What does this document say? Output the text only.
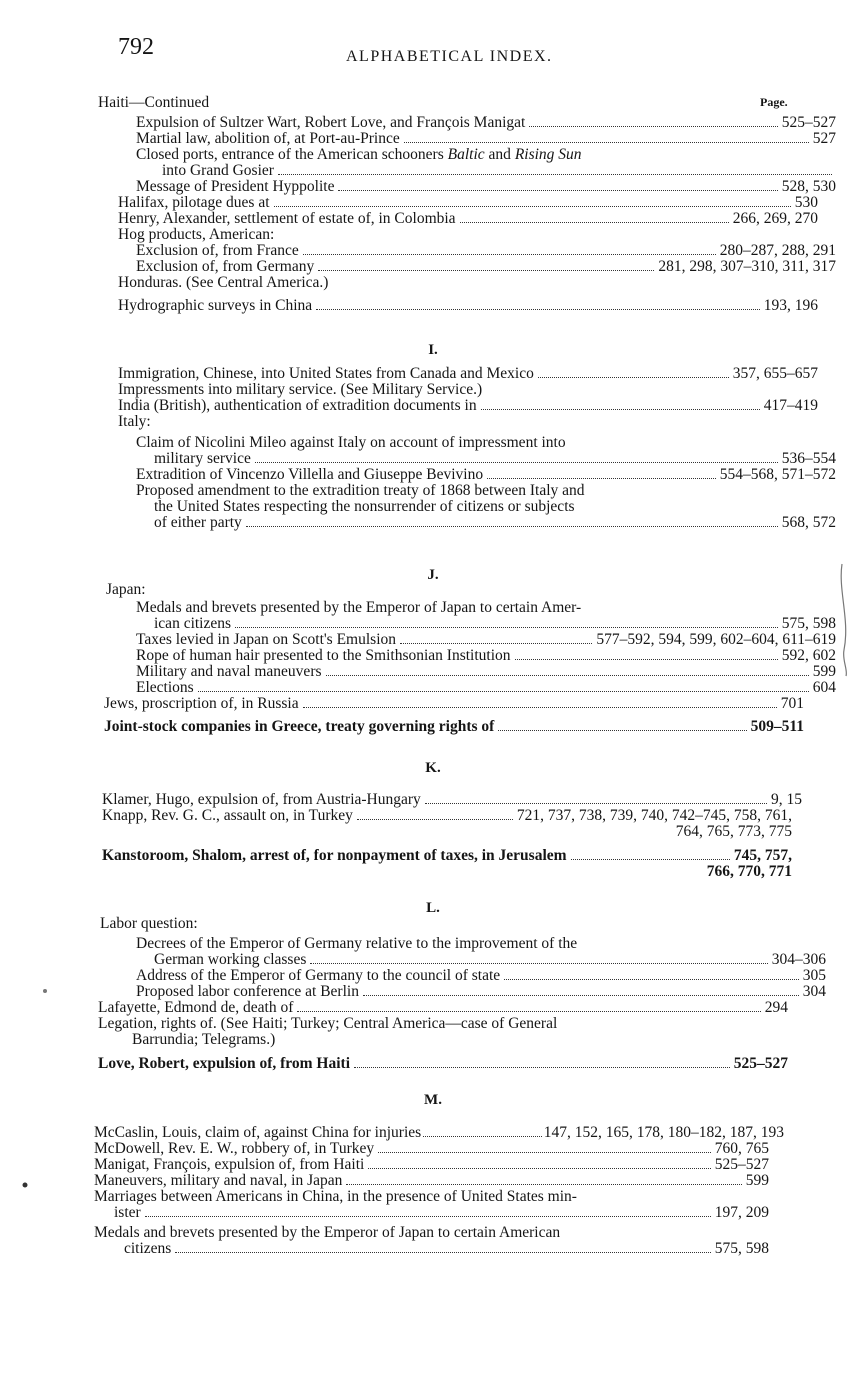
792	ALPHABETICAL INDEX.
Page.
Haiti—Continued
Expulsion of Sultzer Wart, Robert Love, and François Manigat	525–527
Martial law, abolition of, at Port-au-Prince	527
Closed ports, entrance of the American schooners Baltic and Rising Sun
into Grand Gosier
Message of President Hyppolite	528, 530
Halifax, pilotage dues at	530
Henry, Alexander, settlement of estate of, in Colombia	266, 269, 270
Hog products, American:
Exclusion of, from France	280–287, 288, 291
Exclusion of, from Germany	281, 298, 307–310, 311, 317
Honduras. (See Central America.)
Hydrographic surveys in China	193, 196
I.
Immigration, Chinese, into United States from Canada and Mexico	357, 655–657
Impressments into military service. (See Military Service.)
India (British), authentication of extradition documents in	417–419
Italy:
Claim of Nicolini Mileo against Italy on account of impressment into
military service	536–554
Extradition of Vincenzo Villella and Giuseppe Bevivino	554–568, 571–572
Proposed amendment to the extradition treaty of 1868 between Italy and
the United States respecting the nonsurrender of citizens or subjects
of either party	568, 572
J.
Japan:
Medals and brevets presented by the Emperor of Japan to certain Amer-
ican citizens	575, 598
Taxes levied in Japan on Scott's Emulsion	577–592, 594, 599, 602–604, 611–619
Rope of human hair presented to the Smithsonian Institution	592, 602
Military and naval maneuvers	599
Elections	604
Jews, proscription of, in Russia	701
Joint-stock companies in Greece, treaty governing rights of	509–511
K.
Klamer, Hugo, expulsion of, from Austria-Hungary	9, 15
Knapp, Rev. G. C., assault on, in Turkey	721, 737, 738, 739, 740, 742–745, 758, 761,
764, 765, 773, 775
Kanstoroom, Shalom, arrest of, for nonpayment of taxes, in Jerusalem	745, 757,
766, 770, 771
L.
Labor question:
Decrees of the Emperor of Germany relative to the improvement of the
German working classes	304–306
Address of the Emperor of Germany to the council of state	305
Proposed labor conference at Berlin	304
Lafayette, Edmond de, death of	294
Legation, rights of. (See Haiti; Turkey; Central America—case of General
Barrundia; Telegrams.)
Love, Robert, expulsion of, from Haiti	525–527
M.
McCaslin, Louis, claim of, against China for injuries	147, 152, 165, 178, 180–182, 187, 193
McDowell, Rev. E. W., robbery of, in Turkey	760, 765
Manigat, François, expulsion of, from Haiti	525–527
Maneuvers, military and naval, in Japan	599
Marriages between Americans in China, in the presence of United States min-
ister	197, 209
Medals and brevets presented by the Emperor of Japan to certain American
citizens	575, 598
